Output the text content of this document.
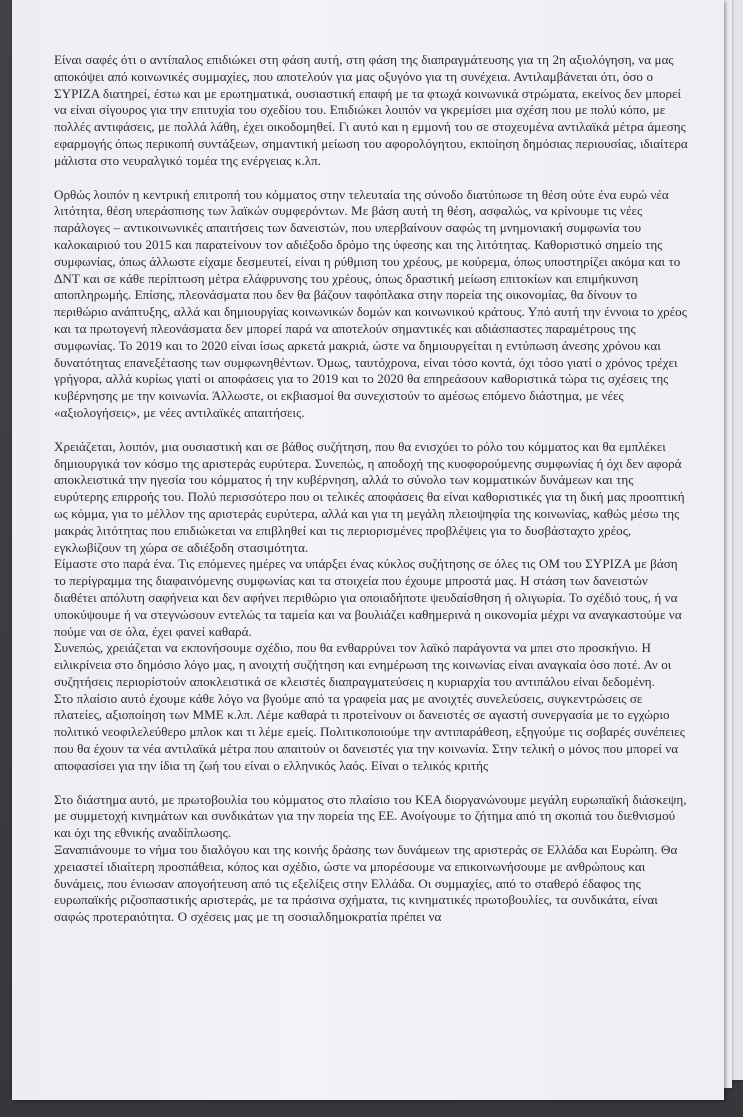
Είναι σαφές ότι ο αντίπαλος επιδιώκει στη φάση αυτή, στη φάση της διαπραγμάτευσης για τη 2η αξιολόγηση, να μας αποκόψει από κοινωνικές συμμαχίες, που αποτελούν για μας οξυγόνο για τη συνέχεια. Αντιλαμβάνεται ότι, όσο ο ΣΥΡΙΖΑ διατηρεί, έστω και με ερωτηματικά, ουσιαστική επαφή με τα φτωχά κοινωνικά στρώματα, εκείνος δεν μπορεί να είναι σίγουρος για την επιτυχία του σχεδίου του. Επιδιώκει λοιπόν να γκρεμίσει μια σχέση που με πολύ κόπο, με πολλές αντιφάσεις, με πολλά λάθη, έχει οικοδομηθεί. Γι αυτό και η εμμονή του σε στοχευμένα αντιλαϊκά μέτρα άμεσης εφαρμογής όπως περικοπή συντάξεων, σημαντική μείωση του αφορολόγητου, εκποίηση δημόσιας περιουσίας, ιδιαίτερα μάλιστα στο νευραλγικό τομέα της ενέργειας κ.λπ.

Ορθώς λοιπόν η κεντρική επιτροπή του κόμματος στην τελευταία της σύνοδο διατύπωσε τη θέση ούτε ένα ευρώ νέα λιτότητα, θέση υπεράσπισης των λαϊκών συμφερόντων. Με βάση αυτή τη θέση, ασφαλώς, να κρίνουμε τις νέες παράλογες – αντικοινωνικές απαιτήσεις των δανειστών, που υπερβαίνουν σαφώς τη μνημονιακή συμφωνία του καλοκαιριού του 2015 και παρατείνουν τον αδιέξοδο δρόμο της ύφεσης και της λιτότητας. Καθοριστικό σημείο της συμφωνίας, όπως άλλωστε είχαμε δεσμευτεί, είναι η ρύθμιση του χρέους, με κούρεμα, όπως υποστηρίζει ακόμα και το ΔΝΤ και σε κάθε περίπτωση μέτρα ελάφρυνσης του χρέους, όπως δραστική μείωση επιτοκίων και επιμήκυνση αποπληρωμής. Επίσης, πλεονάσματα που δεν θα βάζουν ταφόπλακα στην πορεία της οικονομίας, θα δίνουν το περιθώριο ανάπτυξης, αλλά και δημιουργίας κοινωνικών δομών και κοινωνικού κράτους. Υπό αυτή την έννοια το χρέος και τα πρωτογενή πλεονάσματα δεν μπορεί παρά να αποτελούν σημαντικές και αδιάσπαστες παραμέτρους της συμφωνίας. Το 2019 και το 2020 είναι ίσως αρκετά μακριά, ώστε να δημιουργείται η εντύπωση άνεσης χρόνου και δυνατότητας επανεξέτασης των συμφωνηθέντων. Όμως, ταυτόχρονα, είναι τόσο κοντά, όχι τόσο γιατί ο χρόνος τρέχει γρήγορα, αλλά κυρίως γιατί οι αποφάσεις για το 2019 και το 2020 θα επηρεάσουν καθοριστικά τώρα τις σχέσεις της κυβέρνησης με την κοινωνία. Άλλωστε, οι εκβιασμοί θα συνεχιστούν το αμέσως επόμενο διάστημα, με νέες «αξιολογήσεις», με νέες αντιλαϊκές απαιτήσεις.

Χρειάζεται, λοιπόν, μια ουσιαστική και σε βάθος συζήτηση, που θα ενισχύει το ρόλο του κόμματος και θα εμπλέκει δημιουργικά τον κόσμο της αριστεράς ευρύτερα. Συνεπώς, η αποδοχή της κυοφορούμενης συμφωνίας ή όχι δεν αφορά αποκλειστικά την ηγεσία του κόμματος ή την κυβέρνηση, αλλά το σύνολο των κομματικών δυνάμεων και της ευρύτερης επιρροής του. Πολύ περισσότερο που οι τελικές αποφάσεις θα είναι καθοριστικές για τη δική μας προοπτική ως κόμμα, για το μέλλον της αριστεράς ευρύτερα, αλλά και για τη μεγάλη πλειοψηφία της κοινωνίας, καθώς μέσω της μακράς λιτότητας που επιδιώκεται να επιβληθεί και τις περιορισμένες προβλέψεις για το δυσβάσταχτο χρέος, εγκλωβίζουν τη χώρα σε αδιέξοδη στασιμότητα.

Είμαστε στο παρά ένα. Τις επόμενες ημέρες να υπάρξει ένας κύκλος συζήτησης σε όλες τις ΟΜ του ΣΥΡΙΖΑ με βάση το περίγραμμα της διαφαινόμενης συμφωνίας και τα στοιχεία που έχουμε μπροστά μας. Η στάση των δανειστών διαθέτει απόλυτη σαφήνεια και δεν αφήνει περιθώριο για οποιαδήποτε ψευδαίσθηση ή ολιγωρία. Το σχέδιό τους, ή να υποκύψουμε ή να στεγνώσουν εντελώς τα ταμεία και να βουλιάζει καθημερινά η οικονομία μέχρι να αναγκαστούμε να πούμε ναι σε όλα, έχει φανεί καθαρά.

Συνεπώς, χρειάζεται να εκπονήσουμε σχέδιο, που θα ενθαρρύνει τον λαϊκό παράγοντα να μπει στο προσκήνιο. Η ειλικρίνεια στο δημόσιο λόγο μας, η ανοιχτή συζήτηση και ενημέρωση της κοινωνίας είναι αναγκαία όσο ποτέ. Αν οι συζητήσεις περιορίστούν αποκλειστικά σε κλειστές διαπραγματεύσεις η κυριαρχία του αντιπάλου είναι δεδομένη.

Στο πλαίσιο αυτό έχουμε κάθε λόγο να βγούμε από τα γραφεία μας με ανοιχτές συνελεύσεις, συγκεντρώσεις σε πλατείες, αξιοποίηση των ΜΜΕ κ.λπ. Λέμε καθαρά τι προτείνουν οι δανειστές σε αγαστή συνεργασία με το εγχώριο πολιτικό νεοφιλελεύθερο μπλοκ και τι λέμε εμείς. Πολιτικοποιούμε την αντιπαράθεση, εξηγούμε τις σοβαρές συνέπειες που θα έχουν τα νέα αντιλαϊκά μέτρα που απαιτούν οι δανειστές για την κοινωνία. Στην τελική ο μόνος που μπορεί να αποφασίσει για την ίδια τη ζωή του είναι ο ελληνικός λαός. Είναι ο τελικός κριτής

Στο διάστημα αυτό, με πρωτοβουλία του κόμματος στο πλαίσιο του ΚΕΑ διοργανώνουμε μεγάλη ευρωπαϊκή διάσκεψη, με συμμετοχή κινημάτων και συνδικάτων για την πορεία της ΕΕ. Ανοίγουμε το ζήτημα από τη σκοπιά του διεθνισμού και όχι της εθνικής αναδίπλωσης.

Ξαναπιάνουμε το νήμα του διαλόγου και της κοινής δράσης των δυνάμεων της αριστεράς σε Ελλάδα και Ευρώπη. Θα χρειαστεί ιδιαίτερη προσπάθεια, κόπος και σχέδιο, ώστε να μπορέσουμε να επικοινωνήσουμε με ανθρώπους και δυνάμεις, που ένιωσαν απογοήτευση από τις εξελίξεις στην Ελλάδα. Οι συμμαχίες, από το σταθερό έδαφος της ευρωπαϊκής ριζοσπαστικής αριστεράς, με τα πράσινα σχήματα, τις κινηματικές πρωτοβουλίες, τα συνδικάτα, είναι σαφώς προτεραιότητα. Ο σχέσεις μας με τη σοσιαλδημοκρατία πρέπει να
